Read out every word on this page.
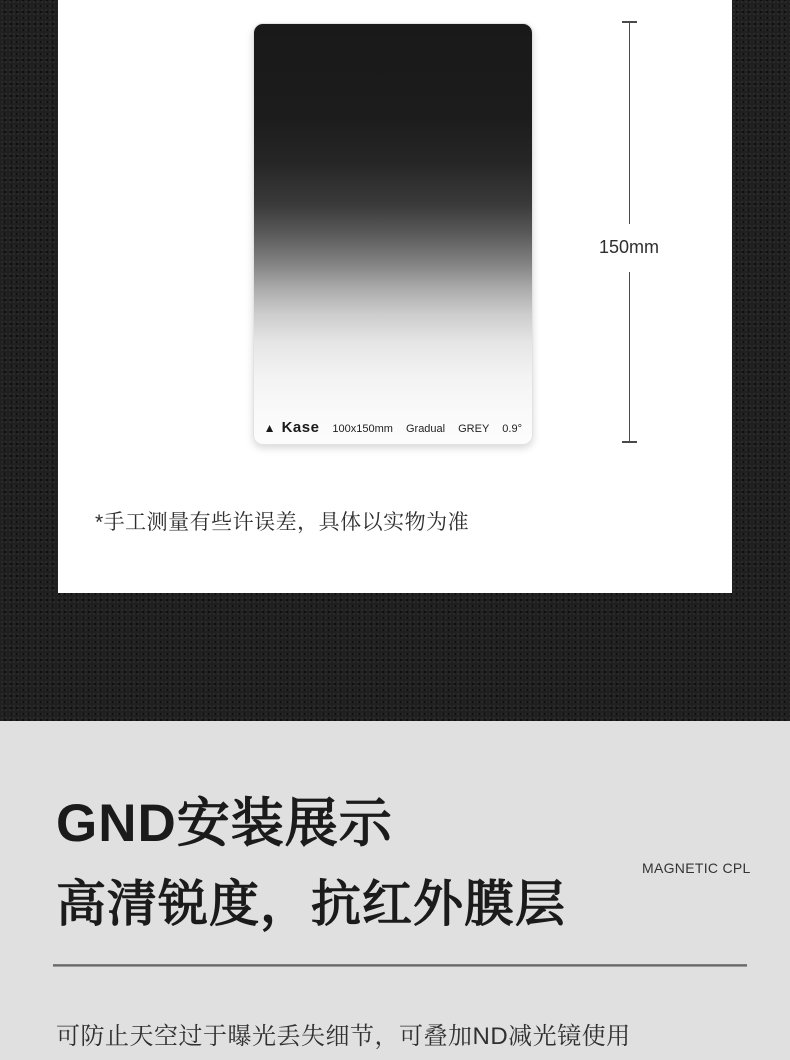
▲ Kase 100x150mm Gradual GREY 0.9°
*手工测量有些许误差，具体以实物为准
150mm
GND安装展示
MAGNETIC CPL
高清锐度，抗红外膜层

可防止天空过于曝光丢失细节，可叠加ND减光镜使用
